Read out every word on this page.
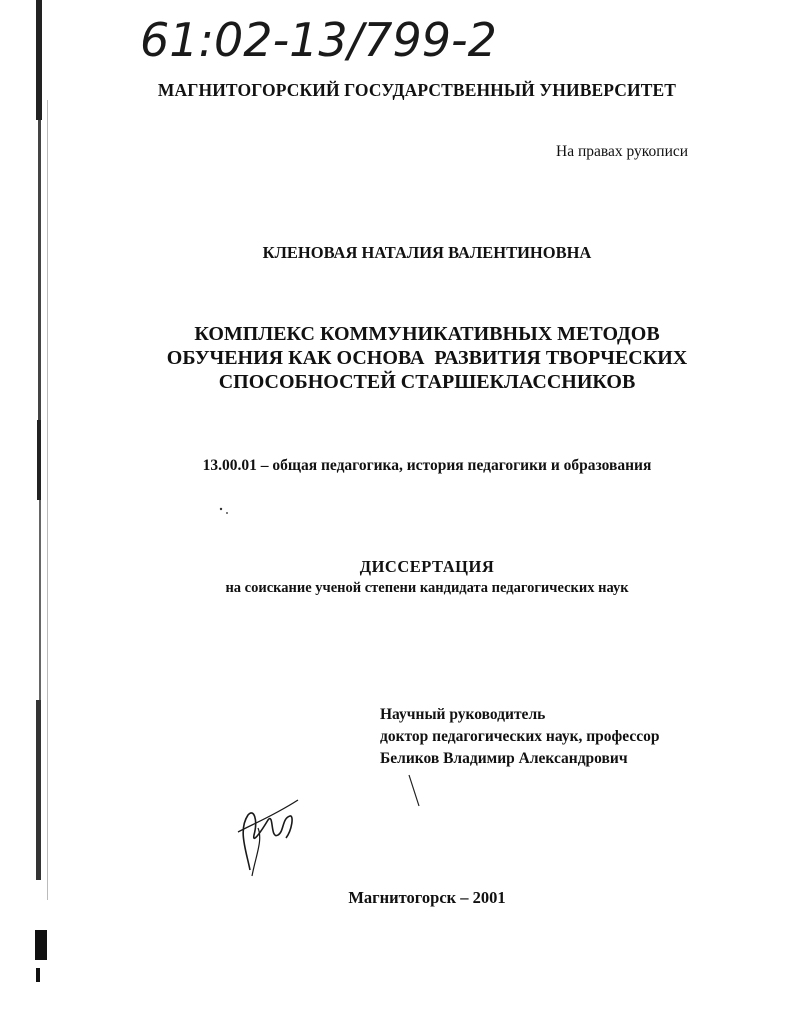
61:02-13/799-2
МАГНИТОГОРСКИЙ ГОСУДАРСТВЕННЫЙ УНИВЕРСИТЕТ
На правах рукописи
КЛЕНОВАЯ НАТАЛИЯ ВАЛЕНТИНОВНА
КОМПЛЕКС КОММУНИКАТИВНЫХ МЕТОДОВ
ОБУЧЕНИЯ КАК ОСНОВА  РАЗВИТИЯ ТВОРЧЕСКИХ
СПОСОБНОСТЕЙ СТАРШЕКЛАССНИКОВ
13.00.01 – общая педагогика, история педагогики и образования
ДИССЕРТАЦИЯ
на соискание ученой степени кандидата педагогических наук
Научный руководитель
доктор педагогических наук, профессор
Беликов Владимир Александрович
Магнитогорск – 2001
